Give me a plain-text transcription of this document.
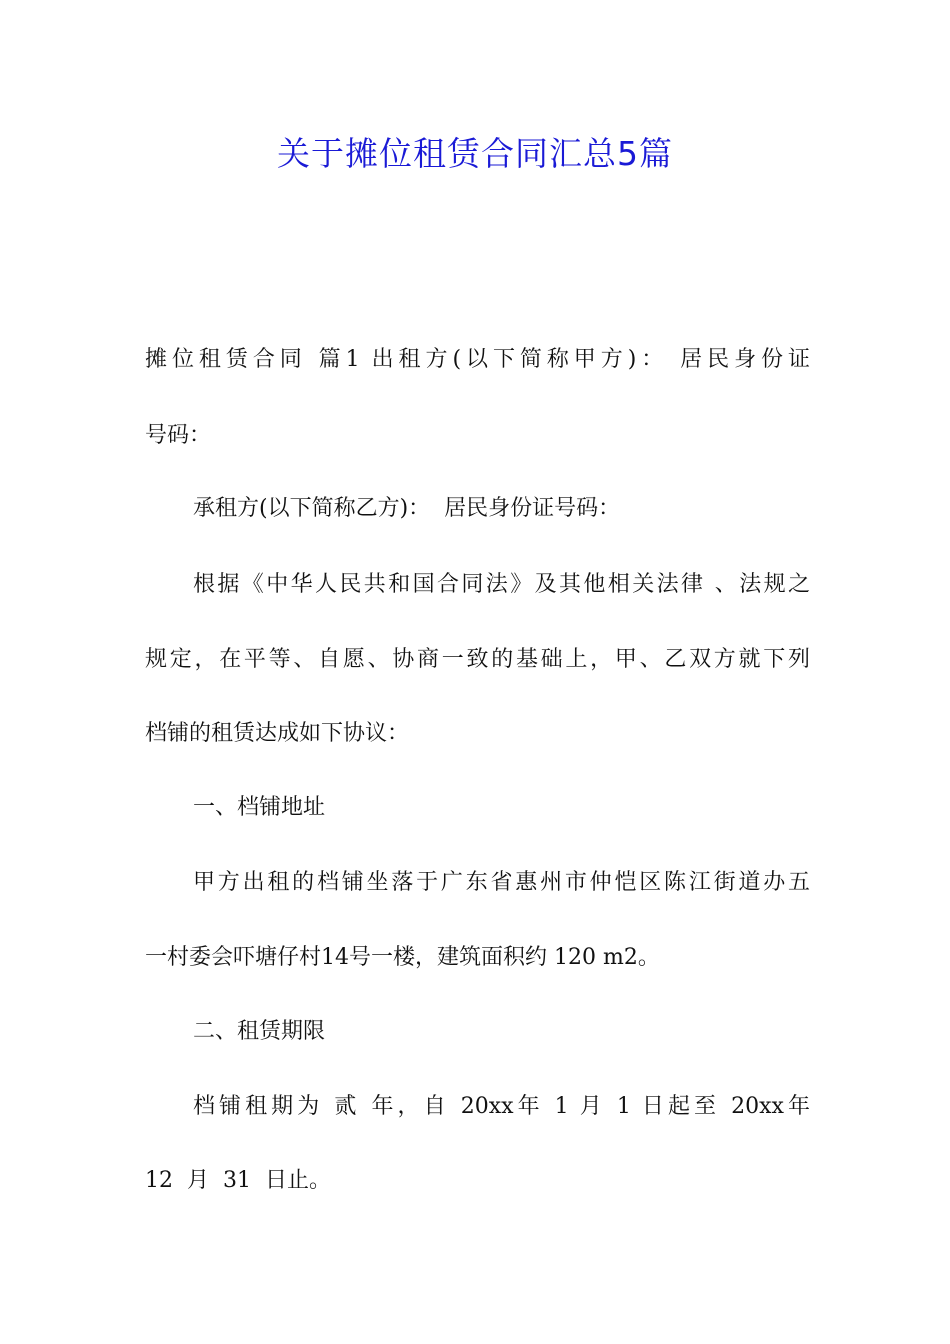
关于摊位租赁合同汇总5篇
摊位租赁合同 篇1 出租方(以下简称甲方)： 居民身份证
号码：
承租方(以下简称乙方)：  居民身份证号码：
根据《中华人民共和国合同法》及其他相关法律 、法规之
规定，在平等、自愿、协商一致的基础上，甲、乙双方就下列
档铺的租赁达成如下协议：
一、档铺地址
甲方出租的档铺坐落于广东省惠州市仲恺区陈江街道办五
一村委会吓塘仔村14号一楼，建筑面积约 120 m2。
二、租赁期限
档铺租期为 贰 年，自 20xx年 1 月 1 日起至 20xx年
12  月  31  日止。
